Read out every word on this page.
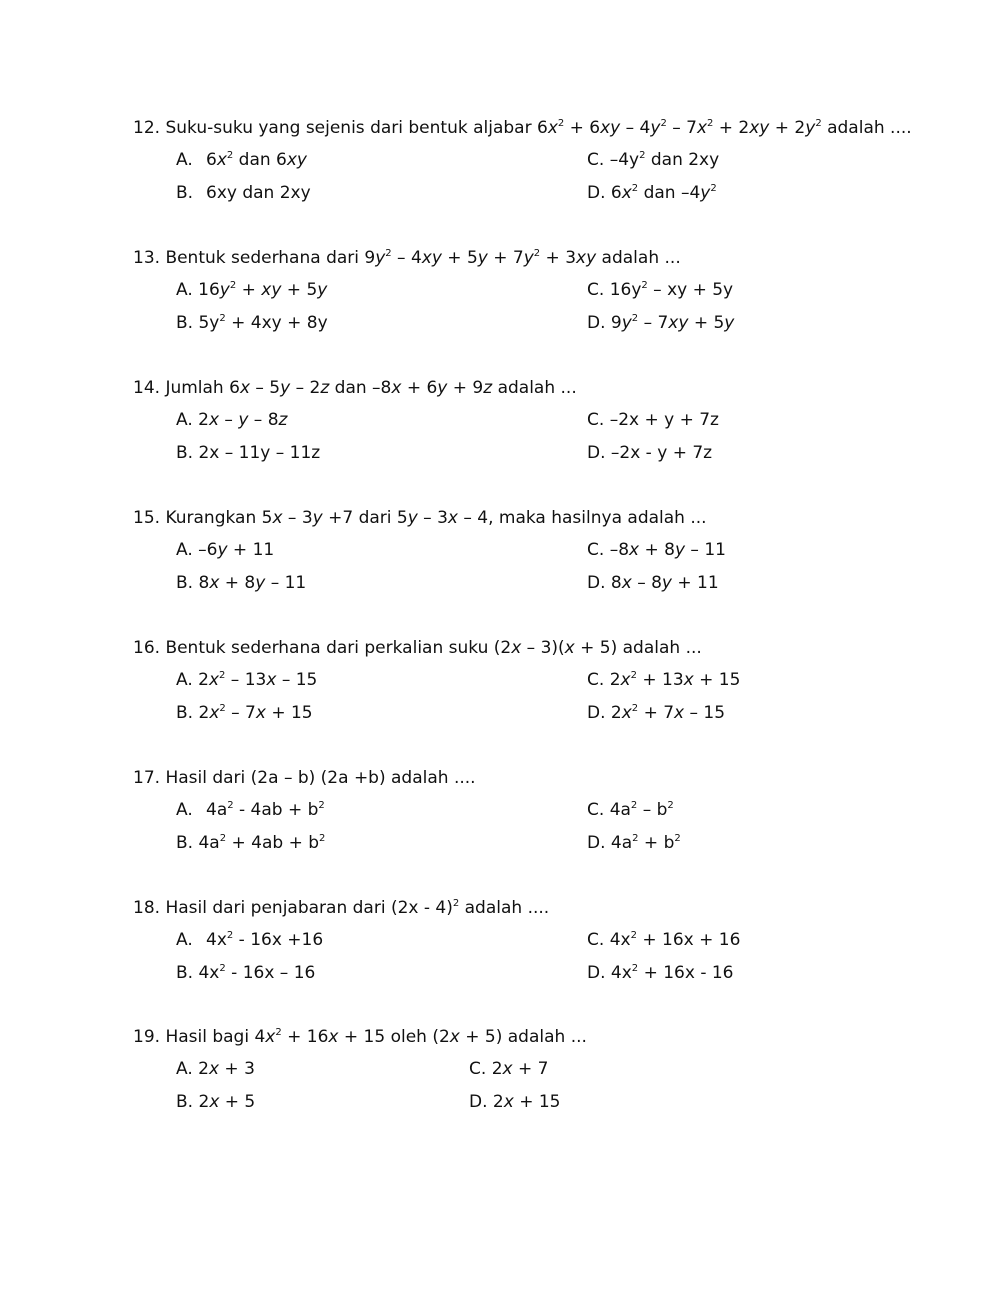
12. Suku-suku yang sejenis dari bentuk aljabar $6x^2 + 6xy - 4y^2 - 7x^2 + 2xy + 2y^2$ adalah ....
A. $6x^2$ dan 6xy
B. 6xy dan 2xy
C. $-4y^2$ dan 2xy
D. $6x^2$ dan $-4y^2$
13. Bentuk sederhana dari $9y^2 - 4xy + 5y + 7y^2 + 3xy$ adalah ...
A. $16y^2$ + xy + 5y
B. $5y^2 + 4xy + 8y$
C. $16y^2$ – xy + 5y
D. $9y^2 - 7xy + 5y$
14. Jumlah 6x – 5y – 2z dan –8x + 6y + 9z adalah ...
A. 2x – y – 8z
B. 2x – 11y – 11z
C. –2x + y + 7z
D. –2x - y + 7z
15. Kurangkan 5x – 3y +7 dari 5y – 3x – 4, maka hasilnya adalah ...
A. –6y + 11
B. 8x + 8y – 11
C. –8x + 8y – 11
D. 8x – 8y + 11
16. Bentuk sederhana dari perkalian suku (2x – 3)(x + 5) adalah ...
A. $2x^2 - 13x - 15$
B. $2x^2 - 7x + 15$
C. $2x^2 + 13x + 15$
D. $2x^2 + 7x - 15$
17. Hasil dari (2a – b) (2a +b) adalah ....
A. $4a^2 - 4ab + b^2$
B. $4a^2 + 4ab + b^2$
C. $4a^2 - b^2$
D. $4a^2 + b^2$
18. Hasil dari penjabaran dari (2x - 4)$^2$ adalah ....
A. $4x^2 - 16x +16$
B. $4x^2 - 16x - 16$
C. $4x^2 + 16x + 16$
D. $4x^2 + 16x - 16$
19. Hasil bagi $4x^2 + 16x + 15$ oleh (2x + 5) adalah ...
A. 2x + 3
B. 2x + 5
C. 2x + 7
D. 2x + 15
